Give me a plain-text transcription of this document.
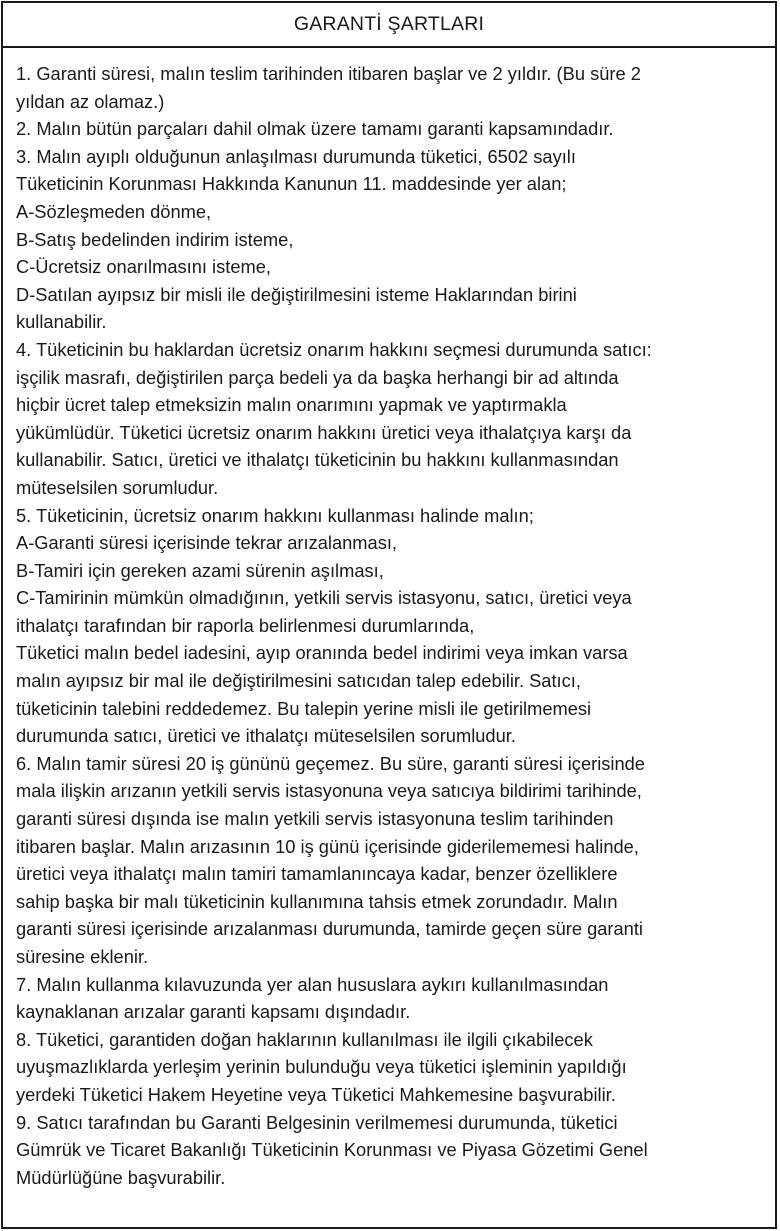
GARANTİ ŞARTLARI
1. Garanti süresi, malın teslim tarihinden itibaren başlar ve 2 yıldır. (Bu süre 2
yıldan az olamaz.)
2. Malın bütün parçaları dahil olmak üzere tamamı garanti kapsamındadır.
3. Malın ayıplı olduğunun anlaşılması durumunda tüketici, 6502 sayılı
Tüketicinin Korunması Hakkında Kanunun 11. maddesinde yer alan;
A-Sözleşmeden dönme,
B-Satış bedelinden indirim isteme,
C-Ücretsiz onarılmasını isteme,
D-Satılan ayıpsız bir misli ile değiştirilmesini isteme Haklarından birini
kullanabilir.
4. Tüketicinin bu haklardan ücretsiz onarım hakkını seçmesi durumunda satıcı:
işçilik masrafı, değiştirilen parça bedeli ya da başka herhangi bir ad altında
hiçbir ücret talep etmeksizin malın onarımını yapmak ve yaptırmakla
yükümlüdür. Tüketici ücretsiz onarım hakkını üretici veya ithalatçıya karşı da
kullanabilir. Satıcı, üretici ve ithalatçı tüketicinin bu hakkını kullanmasından
müteselsilen sorumludur.
5. Tüketicinin, ücretsiz onarım hakkını kullanması halinde malın;
A-Garanti süresi içerisinde tekrar arızalanması,
B-Tamiri için gereken azami sürenin aşılması,
C-Tamirinin mümkün olmadığının, yetkili servis istasyonu, satıcı, üretici veya
ithalatçı tarafından bir raporla belirlenmesi durumlarında,
Tüketici malın bedel iadesini, ayıp oranında bedel indirimi veya imkan varsa
malın ayıpsız bir mal ile değiştirilmesini satıcıdan talep edebilir. Satıcı,
tüketicinin talebini reddedemez. Bu talepin yerine misli ile getirilmemesi
durumunda satıcı, üretici ve ithalatçı müteselsilen sorumludur.
6. Malın tamir süresi 20 iş gününü geçemez. Bu süre, garanti süresi içerisinde
mala ilişkin arızanın yetkili servis istasyonuna veya satıcıya bildirimi tarihinde,
garanti süresi dışında ise malın yetkili servis istasyonuna teslim tarihinden
itibaren başlar. Malın arızasının 10 iş günü içerisinde giderilememesi halinde,
üretici veya ithalatçı malın tamiri tamamlanıncaya kadar, benzer özelliklere
sahip başka bir malı tüketicinin kullanımına tahsis etmek zorundadır. Malın
garanti süresi içerisinde arızalanması durumunda, tamirde geçen süre garanti
süresine eklenir.
7. Malın kullanma kılavuzunda yer alan hususlara aykırı kullanılmasından
kaynaklanan arızalar garanti kapsamı dışındadır.
8. Tüketici, garantiden doğan haklarının kullanılması ile ilgili çıkabilecek
uyuşmazlıklarda yerleşim yerinin bulunduğu veya tüketici işleminin yapıldığı
yerdeki Tüketici Hakem Heyetine veya Tüketici Mahkemesine başvurabilir.
9. Satıcı tarafından bu Garanti Belgesinin verilmemesi durumunda, tüketici
Gümrük ve Ticaret Bakanlığı Tüketicinin Korunması ve Piyasa Gözetimi Genel
Müdürlüğüne başvurabilir.
